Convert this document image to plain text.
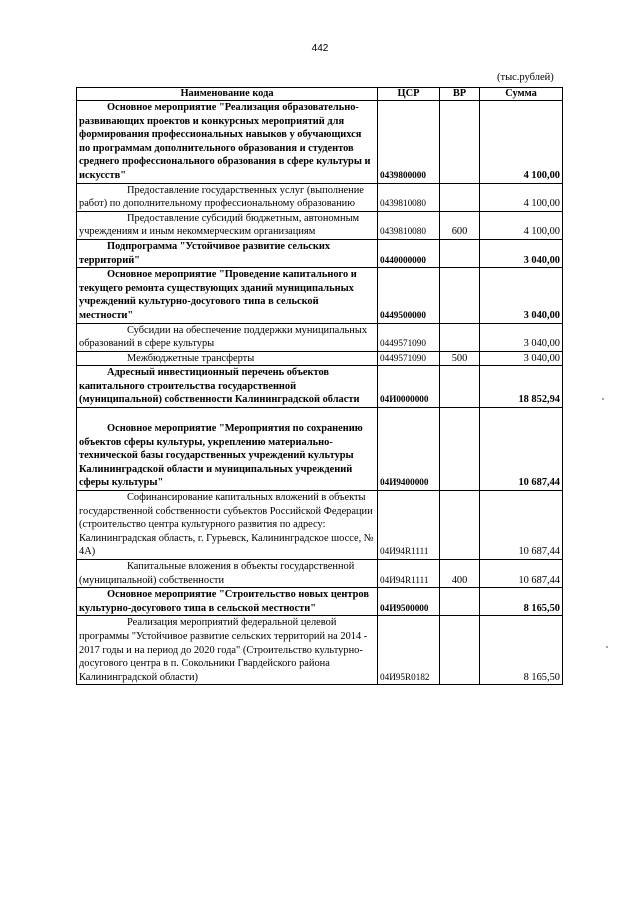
442
(тыс.рублей)
Наименование кода	ЦСР	ВР	Сумма

Основное мероприятие "Реализация образовательно-развивающих проектов и конкурсных мероприятий для формирования профессиональных навыков у обучающихся по программам дополнительного образования и студентов среднего профессионального образования в сфере культуры и искусств"	0439800000		4 100,00

Предоставление государственных услуг (выполнение работ) по дополнительному профессиональному образованию	0439810080		4 100,00

Предоставление субсидий бюджетным, автономным учреждениям и иным некоммерческим организациям	0439810080	600	4 100,00

Подпрограмма "Устойчивое развитие сельских территорий"	0440000000		3 040,00

Основное мероприятие "Проведение капитального и текущего ремонта существующих зданий муниципальных учреждений культурно-досугового типа в сельской местности"	0449500000		3 040,00

Субсидии на обеспечение поддержки муниципальных образований в сфере культуры	0449571090		3 040,00

Межбюджетные трансферты	0449571090	500	3 040,00

Адресный инвестиционный перечень объектов капитального строительства государственной (муниципальной) собственности Калининградской области	04И0000000		18 852,94

Основное мероприятие "Мероприятия по сохранению объектов сферы культуры, укреплению материально-технической базы государственных учреждений культуры Калининградской области и муниципальных учреждений сферы культуры"	04И9400000		10 687,44

Софинансирование капитальных вложений в объекты государственной собственности субъектов Российской Федерации (строительство центра культурного развития по адресу: Калининградская область, г. Гурьевск, Калининградское шоссе, № 4А)	04И94R1111		10 687,44

Капитальные вложения в объекты государственной (муниципальной) собственности	04И94R1111	400	10 687,44

Основное мероприятие "Строительство новых центров культурно-досугового типа в сельской местности"	04И9500000		8 165,50

Реализация мероприятий федеральной целевой программы "Устойчивое развитие сельских территорий на 2014 - 2017 годы и на период до 2020 года" (Строительство культурно-досугового центра в п. Сокольники Гвардейского района Калининградской области)	04И95R0182		8 165,50
